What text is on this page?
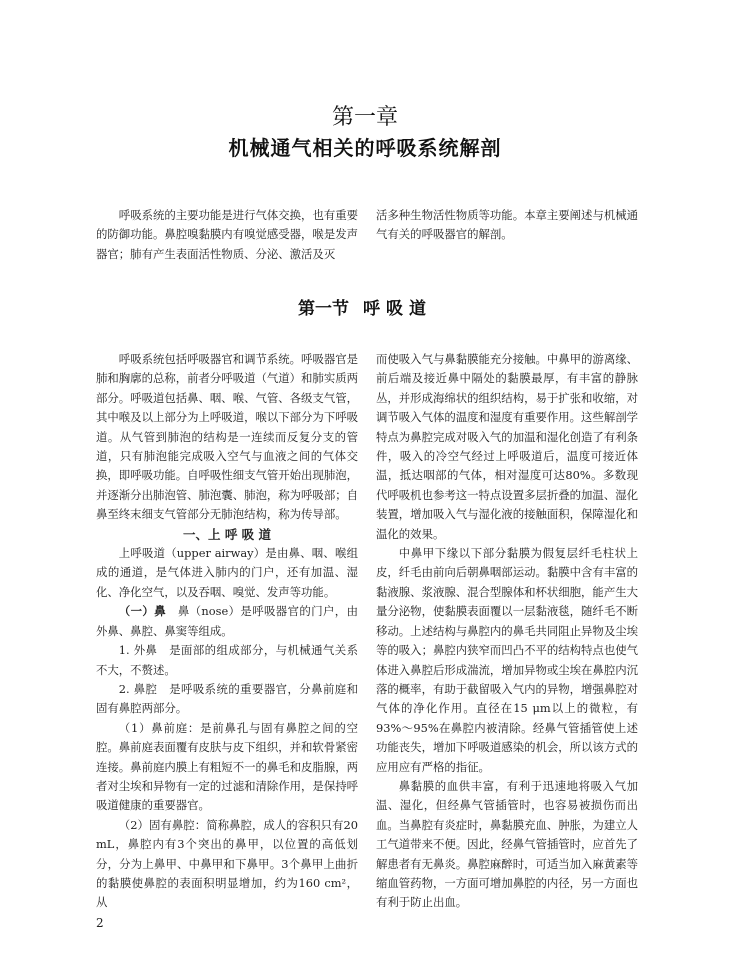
第一章
机械通气相关的呼吸系统解剖

呼吸系统的主要功能是进行气体交换，也有重要的防御功能。鼻腔嗅黏膜内有嗅觉感受器，喉是发声器官；肺有产生表面活性物质、分泌、激活及灭

活多种生物活性物质等功能。本章主要阐述与机械通气有关的呼吸器官的解剖。

第一节 呼吸道

呼吸系统包括呼吸器官和调节系统。呼吸器官是肺和胸廓的总称，前者分呼吸道（气道）和肺实质两部分。呼吸道包括鼻、咽、喉、气管、各级支气管，其中喉及以上部分为上呼吸道，喉以下部分为下呼吸道。从气管到肺泡的结构是一连续而反复分支的管道，只有肺泡能完成吸入空气与血液之间的气体交换，即呼吸功能。自呼吸性细支气管开始出现肺泡，并逐渐分出肺泡管、肺泡囊、肺泡，称为呼吸部；自鼻至终末细支气管部分无肺泡结构，称为传导部。

一、上 呼 吸 道

上呼吸道（upper airway）是由鼻、咽、喉组成的通道，是气体进入肺内的门户，还有加温、湿化、净化空气，以及吞咽、嗅觉、发声等功能。

（一）鼻　 鼻（nose）是呼吸器官的门户，由外鼻、鼻腔、鼻窦等组成。

1. 外鼻　是面部的组成部分，与机械通气关系不大，不赘述。

2. 鼻腔　是呼吸系统的重要器官，分鼻前庭和固有鼻腔两部分。

（1）鼻前庭：是前鼻孔与固有鼻腔之间的空腔。鼻前庭表面覆有皮肤与皮下组织，并和软骨紧密连接。鼻前庭内膜上有粗短不一的鼻毛和皮脂腺，两者对尘埃和异物有一定的过滤和清除作用，是保持呼吸道健康的重要器官。

（2）固有鼻腔：简称鼻腔，成人的容积只有20 mL，鼻腔内有3个突出的鼻甲，以位置的高低划分，分为上鼻甲、中鼻甲和下鼻甲。3个鼻甲上曲折的黏膜使鼻腔的表面积明显增加，约为160 cm²，从

而使吸入气与鼻黏膜能充分接触。中鼻甲的游离缘、前后端及接近鼻中隔处的黏膜最厚，有丰富的静脉丛，并形成海绵状的组织结构，易于扩张和收缩，对调节吸入气体的温度和湿度有重要作用。这些解剖学特点为鼻腔完成对吸入气的加温和湿化创造了有利条件，吸入的冷空气经过上呼吸道后，温度可接近体温，抵达咽部的气体，相对湿度可达80%。多数现代呼吸机也参考这一特点设置多层折叠的加温、湿化装置，增加吸入气与湿化液的接触面积，保障湿化和温化的效果。

中鼻甲下缘以下部分黏膜为假复层纤毛柱状上皮，纤毛由前向后朝鼻咽部运动。黏膜中含有丰富的黏液腺、浆液腺、混合型腺体和杯状细胞，能产生大量分泌物，使黏膜表面覆以一层黏液毯，随纤毛不断移动。上述结构与鼻腔内的鼻毛共同阻止异物及尘埃等的吸入；鼻腔内狭窄而凹凸不平的结构特点也使气体进入鼻腔后形成湍流，增加异物或尘埃在鼻腔内沉落的概率，有助于截留吸入气内的异物，增强鼻腔对气体的净化作用。直径在15 μm以上的微粒，有93%～95%在鼻腔内被清除。经鼻气管插管使上述功能丧失，增加下呼吸道感染的机会，所以该方式的应用应有严格的指征。

鼻黏膜的血供丰富，有利于迅速地将吸入气加温、湿化，但经鼻气管插管时，也容易被损伤而出血。当鼻腔有炎症时，鼻黏膜充血、肿胀，为建立人工气道带来不便。因此，经鼻气管插管时，应首先了解患者有无鼻炎。鼻腔麻醉时，可适当加入麻黄素等缩血管药物，一方面可增加鼻腔的内径，另一方面也有利于防止出血。

2
